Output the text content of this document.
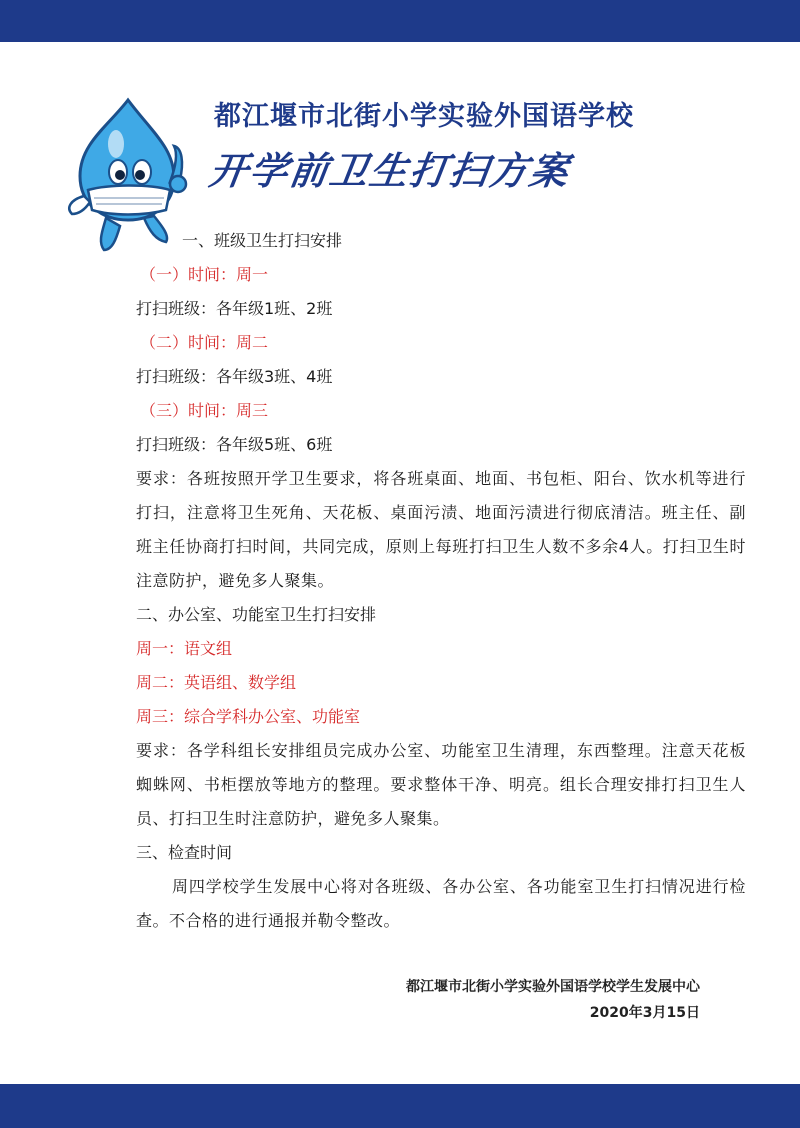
都江堰市北街小学实验外国语学校
开学前卫生打扫方案
一、班级卫生打扫安排
（一）时间：周一
打扫班级：各年级1班、2班
（二）时间：周二
打扫班级：各年级3班、4班
（三）时间：周三
打扫班级：各年级5班、6班
要求：各班按照开学卫生要求，将各班桌面、地面、书包柜、阳台、饮水机等进行打扫，注意将卫生死角、天花板、桌面污渍、地面污渍进行彻底清洁。班主任、副班主任协商打扫时间，共同完成，原则上每班打扫卫生人数不多余4人。打扫卫生时注意防护，避免多人聚集。
二、办公室、功能室卫生打扫安排
周一：语文组
周二：英语组、数学组
周三：综合学科办公室、功能室
要求：各学科组长安排组员完成办公室、功能室卫生清理，东西整理。注意天花板蜘蛛网、书柜摆放等地方的整理。要求整体干净、明亮。组长合理安排打扫卫生人员、打扫卫生时注意防护，避免多人聚集。
三、检查时间
周四学校学生发展中心将对各班级、各办公室、各功能室卫生打扫情况进行检查。不合格的进行通报并勒令整改。
都江堰市北街小学实验外国语学校学生发展中心
2020年3月15日
